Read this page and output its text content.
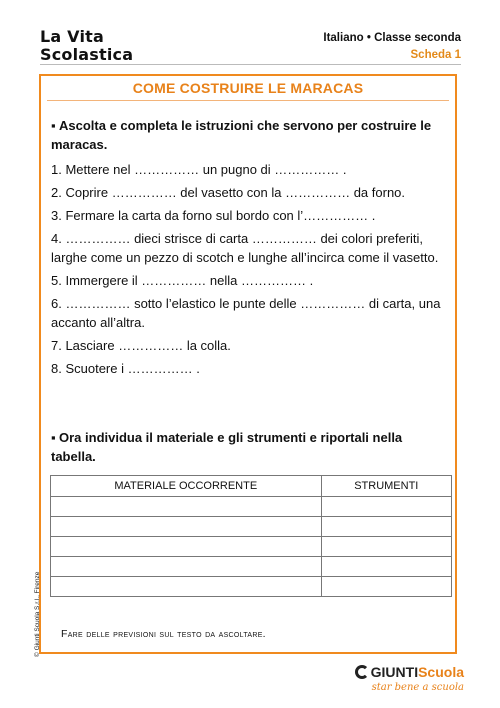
La Vita
Scolastica
Italiano • Classe seconda
Scheda 1
COME COSTRUIRE LE MARACAS
▪ Ascolta e completa le istruzioni che servono per costruire le maracas.
1. Mettere nel …………… un pugno di …………… .
2. Coprire …………… del vasetto con la …………… da forno.
3. Fermare la carta da forno sul bordo con l’…………… .
4. …………… dieci strisce di carta …………… dei colori preferiti, larghe come un pezzo di scotch e lunghe all’incirca come il vasetto.
5. Immergere il …………… nella …………… .
6. …………… sotto l’elastico le punte delle …………… di carta, una accanto all’altra.
7. Lasciare …………… la colla.
8. Scuotere i …………… .
▪ Ora individua il materiale e gli strumenti e riportali nella tabella.
MATERIALE OCCORRENTE	STRUMENTI

Fare delle previsioni sul testo da ascoltare.
© Giunti Scuola S.r.l., Firenze
GIUNTIScuola
star bene a scuola
